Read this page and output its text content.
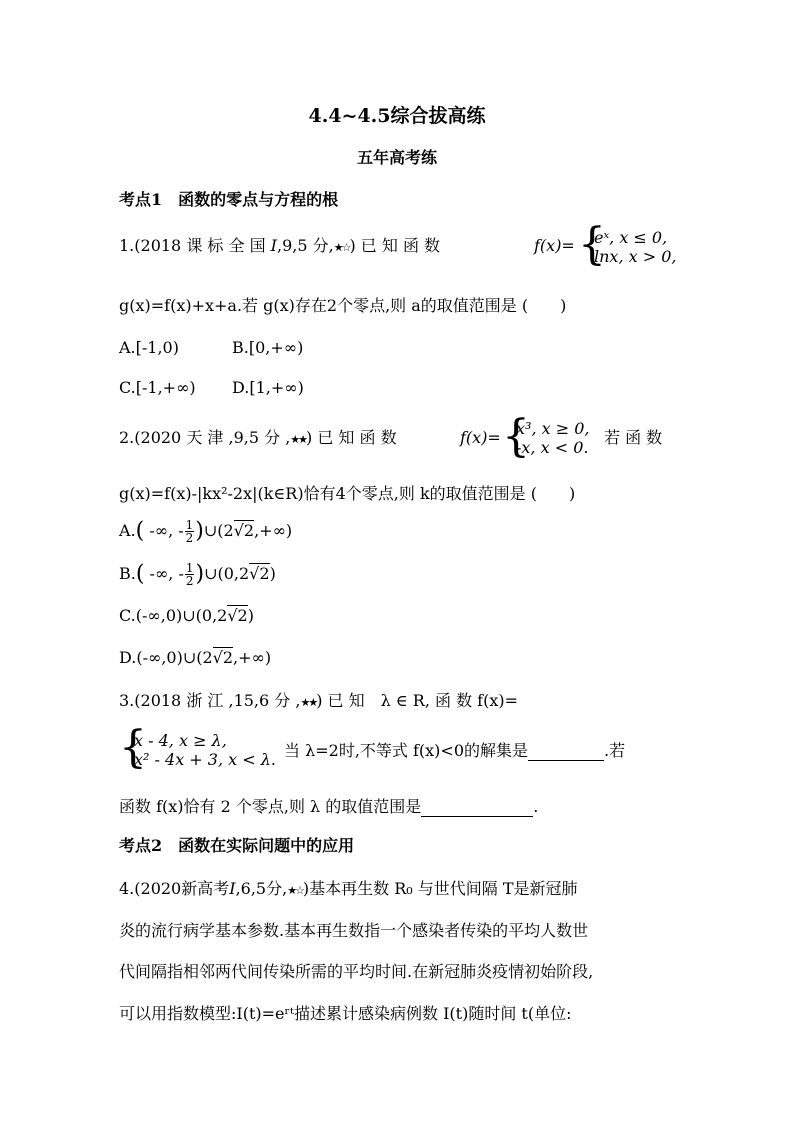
4.4~4.5综合拔高练
五年高考练
考点1　函数的零点与方程的根
1.(2018 课 标 全 国 Ⅰ,9,5 分,★☆) 已 知 函 数	f(x)= {
eˣ, x ≤ 0,
lnx, x > 0,
g(x)=f(x)+x+a.若 g(x)存在2个零点,则 a的取值范围是 (　　)
A.[-1,0)	B.[0,+∞)
C.[-1,+∞) D.[1,+∞)
2.(2020 天 津 ,9,5 分 ,★★) 已 知 函 数	f(x)= {
x³, x ≥ 0,
-x, x < 0.
若 函 数
g(x)=f(x)-|kx²-2x|(k∈R)恰有4个零点,则 k的取值范围是 (　　)
A.( -∞, - $\frac{1}{2}$ )∪(2√2,+∞)
B.( -∞, - $\frac{1}{2}$ )∪(0,2√2)
C.(-∞,0)∪(0,2√2)
D.(-∞,0)∪(2√2,+∞)
3.(2018 浙 江 ,15,6 分 ,★★) 已 知　λ ∈ R, 函 数 f(x)=
{
x - 4, x ≥ λ,
x² - 4x + 3, x < λ. 当 λ=2时,不等式 f(x)<0的解集是	.若
函数 f(x)恰有 2 个零点,则 λ 的取值范围是	.
考点2　函数在实际问题中的应用
4.(2020新高考Ⅰ,6,5分,★☆)基本再生数 R₀ 与世代间隔 T是新冠肺
炎的流行病学基本参数.基本再生数指一个感染者传染的平均人数世
代间隔指相邻两代间传染所需的平均时间.在新冠肺炎疫情初始阶段,
可以用指数模型:I(t)=eʳᵗ描述累计感染病例数 I(t)随时间 t(单位:
